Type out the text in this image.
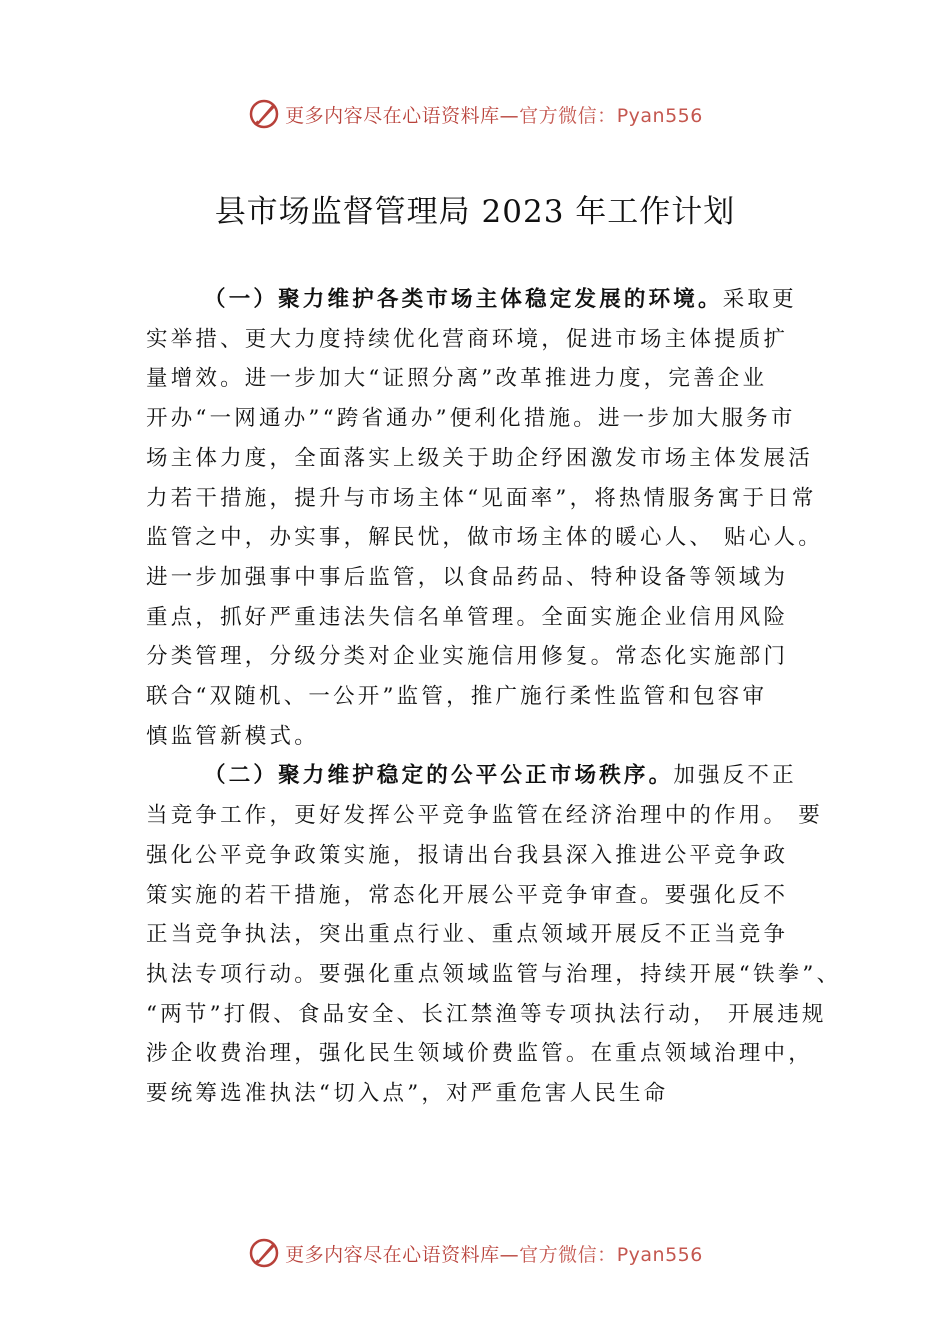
更多内容尽在心语资料库—官方微信：Pyan556
县市场监督管理局 2023 年工作计划
（一）聚力维护各类市场主体稳定发展的环境。采取更
实举措、更大力度持续优化营商环境，促进市场主体提质扩
量增效。进一步加大“证照分离”改革推进力度，完善企业
开办“一网通办”“跨省通办”便利化措施。进一步加大服务市
场主体力度，全面落实上级关于助企纾困激发市场主体发展活
力若干措施，提升与市场主体“见面率”，将热情服务寓于日常
监管之中，办实事，解民忧，做市场主体的暖心人、 贴心人。
进一步加强事中事后监管，以食品药品、特种设备等领域为
重点，抓好严重违法失信名单管理。全面实施企业信用风险
分类管理，分级分类对企业实施信用修复。常态化实施部门
联合“双随机、一公开”监管，推广施行柔性监管和包容审
慎监管新模式。
（二）聚力维护稳定的公平公正市场秩序。加强反不正
当竞争工作，更好发挥公平竞争监管在经济治理中的作用。 要
强化公平竞争政策实施，报请出台我县深入推进公平竞争政
策实施的若干措施，常态化开展公平竞争审查。要强化反不
正当竞争执法，突出重点行业、重点领域开展反不正当竞争
执法专项行动。要强化重点领域监管与治理，持续开展“铁拳”、
“两节”打假、食品安全、长江禁渔等专项执法行动， 开展违规
涉企收费治理，强化民生领域价费监管。在重点领域治理中，
要统筹选准执法“切入点”，对严重危害人民生命
更多内容尽在心语资料库—官方微信：Pyan556
